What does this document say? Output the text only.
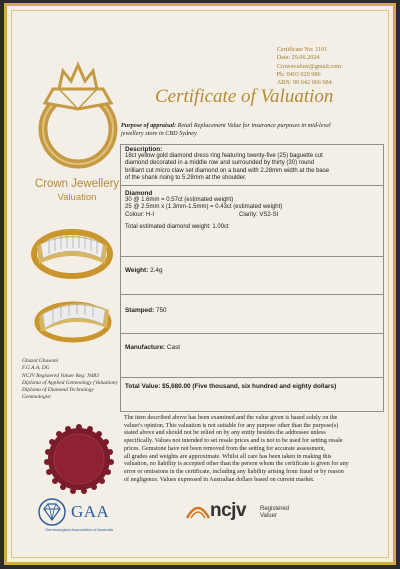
Crown Jewellery
Valuation
Ghazal Ghasemi
F.G.A.A, DG
NCJV Registered Valuer Reg: N483
Diploma of Applied Gemmology (Valuation)
Diploma of Diamond Technology
Gemmologist
GAA
Gemmological Association of Australia
Certificate No: 1101
Date: 29.06.2024
Crownvaluer@gmail.com
Ph: 0403 029 986
ABN: 90 642 066 984
Certificate of Valuation
Purpose of appraisal: Retail Replacement Value for insurance purposes in mid-level
jewellery store in CBD Sydney
Description:
18ct yellow gold diamond dress ring featuring twenty-five (25) baguette cut
diamond decorated in a middle row and surrounded by thirty (30) round
brilliant cut micro claw set diamond on a band with 2.28mm width at the base
of the shank rising to 5.28mm at the shoulder.
Diamond
30 @ 1.6mm = 0.57ct (estimated weight)
25 @ 2.5mm x (1.3mm-1.5mm) = 0.43ct (estimated weight)
Colour: H-I	Clarity: VS2-SI
Total estimated diamond weight: 1.00ct
Weight: 2.4g
Stamped: 750
Manufacture: Cast
Total Value: $5,680.00 (Five thousand, six hundred and eighty dollars)
The item described above has been examined and the value given is based solely on the
valuer's opinion. This valuation is not suitable for any purpose other than the purpose(s)
stated above and should not be relied on by any entity besides the addressee unless
specifically. Values not intended to set resale prices and is not to be used for setting resale
prices. Gemstone have not been removed from the setting for accurate assessment,
all grades and weights are approximate. Whilst all care has been taken in making this
valuation, no liability is accepted other than the person whom the certificate is given for any
error or omissions in the certificate, including any liability arising from fraud or by reason
of negligence. Values expressed in Australian dollars based on current market.
ncjv Registered
Valuer
